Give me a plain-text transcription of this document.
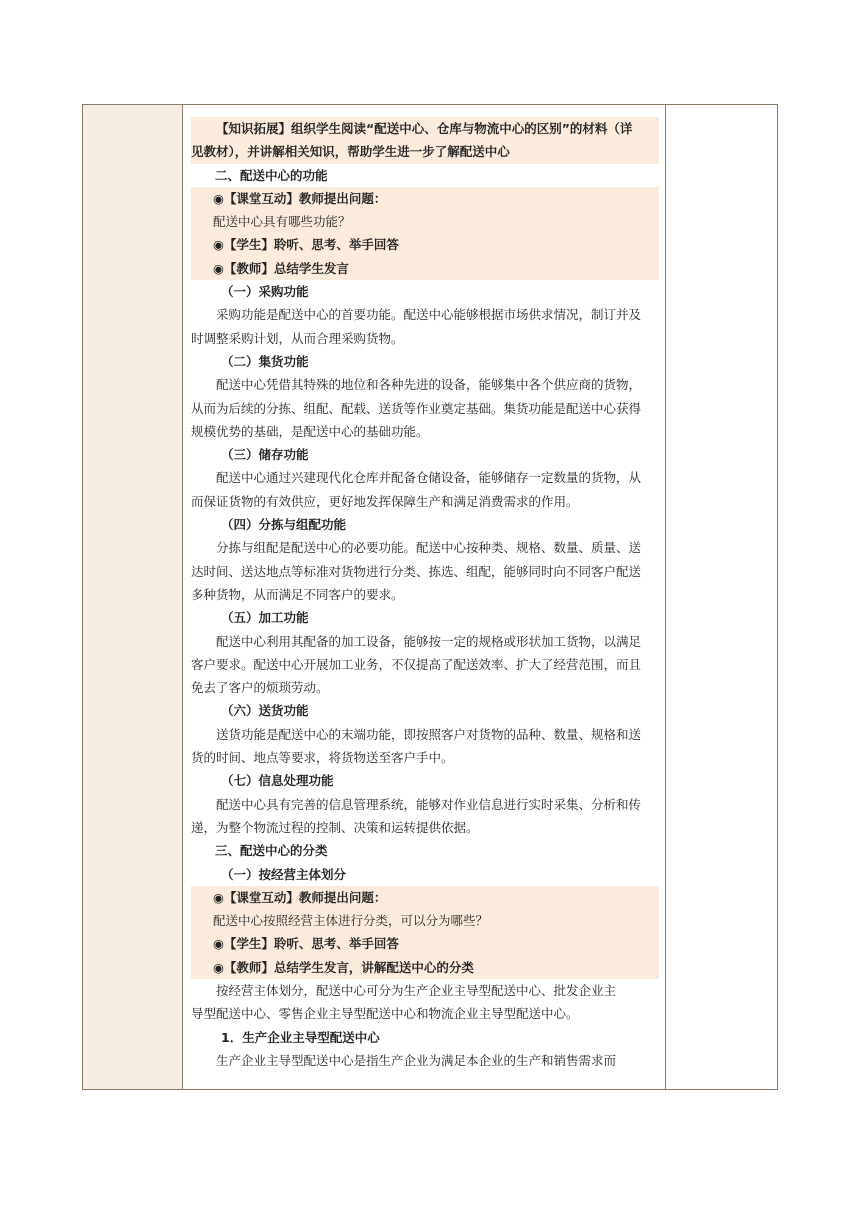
【知识拓展】组织学生阅读“配送中心、仓库与物流中心的区别”的材料（详
见教材），并讲解相关知识，帮助学生进一步了解配送中心
二、配送中心的功能
◉【课堂互动】教师提出问题：
配送中心具有哪些功能？
◉【学生】聆听、思考、举手回答
◉【教师】总结学生发言
（一）采购功能
采购功能是配送中心的首要功能。配送中心能够根据市场供求情况，制订并及
时调整采购计划，从而合理采购货物。
（二）集货功能
配送中心凭借其特殊的地位和各种先进的设备，能够集中各个供应商的货物，
从而为后续的分拣、组配、配载、送货等作业奠定基础。集货功能是配送中心获得
规模优势的基础，是配送中心的基础功能。
（三）储存功能
配送中心通过兴建现代化仓库并配备仓储设备，能够储存一定数量的货物，从
而保证货物的有效供应，更好地发挥保障生产和满足消费需求的作用。
（四）分拣与组配功能
分拣与组配是配送中心的必要功能。配送中心按种类、规格、数量、质量、送
达时间、送达地点等标准对货物进行分类、拣选、组配，能够同时向不同客户配送
多种货物，从而满足不同客户的要求。
（五）加工功能
配送中心利用其配备的加工设备，能够按一定的规格或形状加工货物，以满足
客户要求。配送中心开展加工业务，不仅提高了配送效率、扩大了经营范围，而且
免去了客户的烦琐劳动。
（六）送货功能
送货功能是配送中心的末端功能，即按照客户对货物的品种、数量、规格和送
货的时间、地点等要求，将货物送至客户手中。
（七）信息处理功能
配送中心具有完善的信息管理系统，能够对作业信息进行实时采集、分析和传
递，为整个物流过程的控制、决策和运转提供依据。
三、配送中心的分类
（一）按经营主体划分
◉【课堂互动】教师提出问题：
配送中心按照经营主体进行分类，可以分为哪些？
◉【学生】聆听、思考、举手回答
◉【教师】总结学生发言，讲解配送中心的分类
按经营主体划分，配送中心可分为生产企业主导型配送中心、批发企业主
导型配送中心、零售企业主导型配送中心和物流企业主导型配送中心。
1．生产企业主导型配送中心
生产企业主导型配送中心是指生产企业为满足本企业的生产和销售需求而
